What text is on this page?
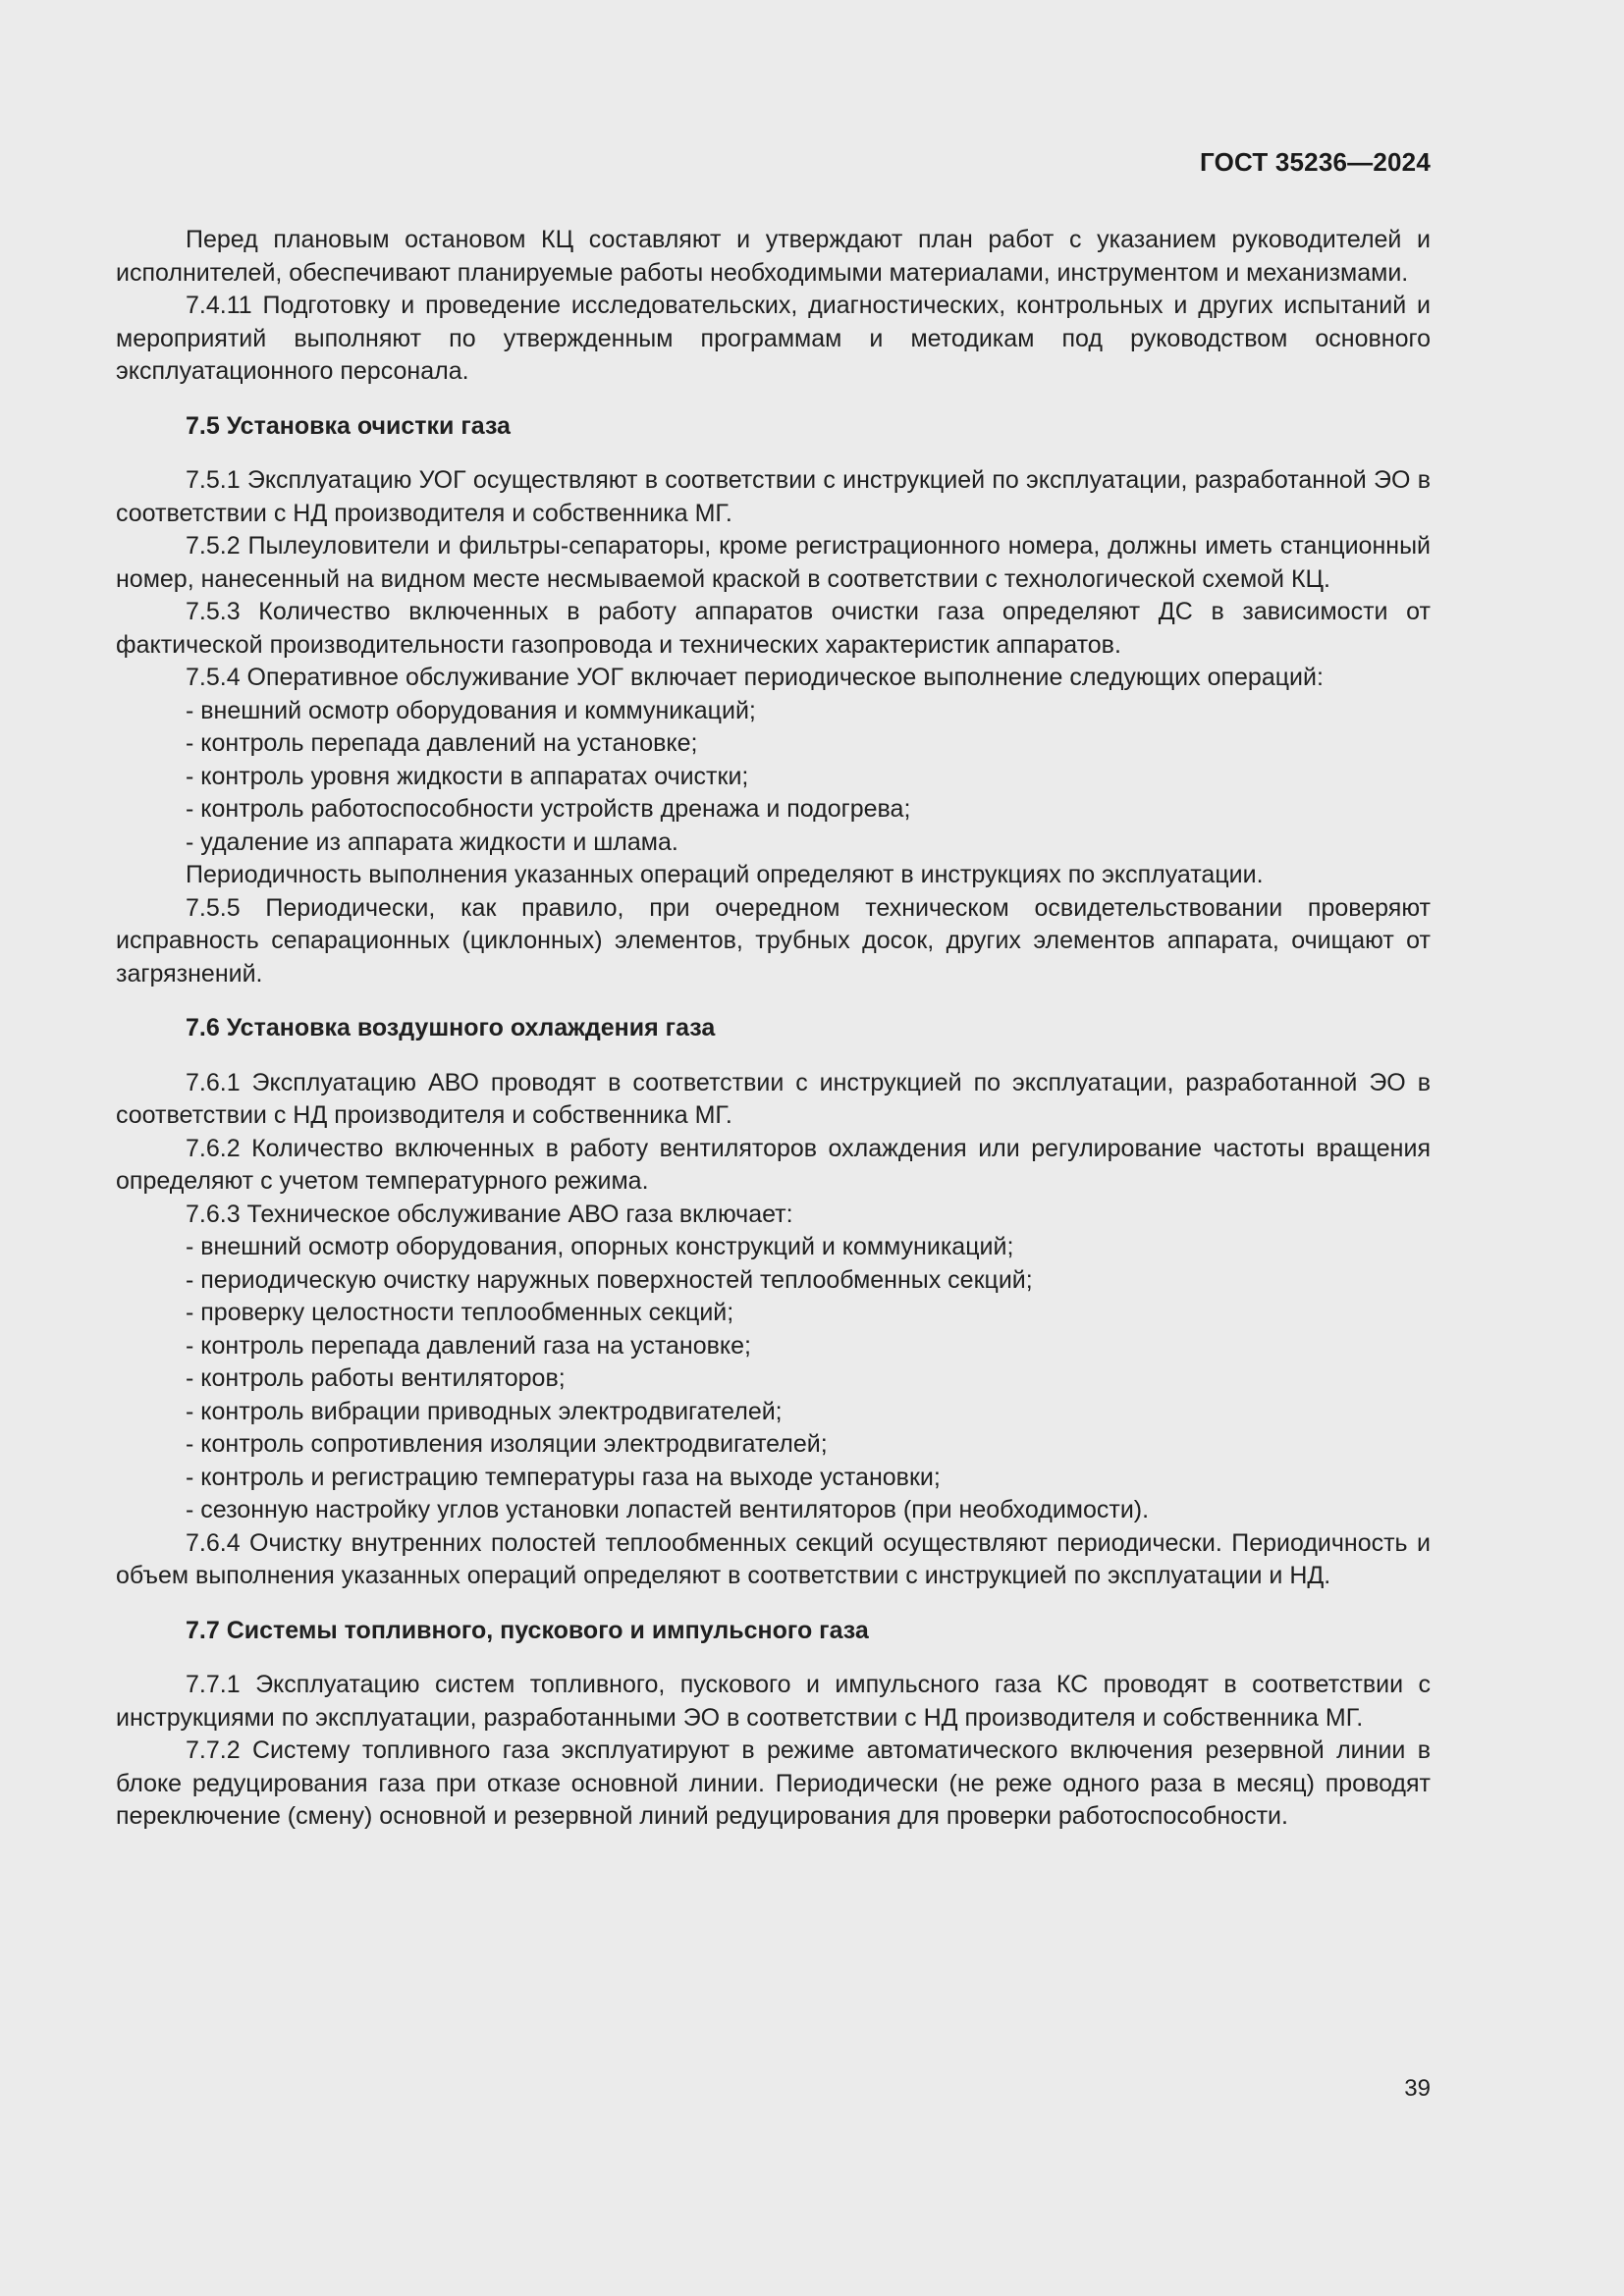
ГОСТ 35236—2024

Перед плановым остановом КЦ составляют и утверждают план работ с указанием руководителей и исполнителей, обеспечивают планируемые работы необходимыми материалами, инструментом и механизмами.

7.4.11 Подготовку и проведение исследовательских, диагностических, контрольных и других испытаний и мероприятий выполняют по утвержденным программам и методикам под руководством основного эксплуатационного персонала.

7.5 Установка очистки газа

7.5.1 Эксплуатацию УОГ осуществляют в соответствии с инструкцией по эксплуатации, разработанной ЭО в соответствии с НД производителя и собственника МГ.

7.5.2 Пылеуловители и фильтры-сепараторы, кроме регистрационного номера, должны иметь станционный номер, нанесенный на видном месте несмываемой краской в соответствии с технологической схемой КЦ.

7.5.3 Количество включенных в работу аппаратов очистки газа определяют ДС в зависимости от фактической производительности газопровода и технических характеристик аппаратов.

7.5.4 Оперативное обслуживание УОГ включает периодическое выполнение следующих операций:

- внешний осмотр оборудования и коммуникаций;
- контроль перепада давлений на установке;
- контроль уровня жидкости в аппаратах очистки;
- контроль работоспособности устройств дренажа и подогрева;
- удаление из аппарата жидкости и шлама.

Периодичность выполнения указанных операций определяют в инструкциях по эксплуатации.

7.5.5 Периодически, как правило, при очередном техническом освидетельствовании проверяют исправность сепарационных (циклонных) элементов, трубных досок, других элементов аппарата, очищают от загрязнений.

7.6 Установка воздушного охлаждения газа

7.6.1 Эксплуатацию АВО проводят в соответствии с инструкцией по эксплуатации, разработанной ЭО в соответствии с НД производителя и собственника МГ.

7.6.2 Количество включенных в работу вентиляторов охлаждения или регулирование частоты вращения определяют с учетом температурного режима.

7.6.3 Техническое обслуживание АВО газа включает:

- внешний осмотр оборудования, опорных конструкций и коммуникаций;
- периодическую очистку наружных поверхностей теплообменных секций;
- проверку целостности теплообменных секций;
- контроль перепада давлений газа на установке;
- контроль работы вентиляторов;
- контроль вибрации приводных электродвигателей;
- контроль сопротивления изоляции электродвигателей;
- контроль и регистрацию температуры газа на выходе установки;
- сезонную настройку углов установки лопастей вентиляторов (при необходимости).

7.6.4 Очистку внутренних полостей теплообменных секций осуществляют периодически. Периодичность и объем выполнения указанных операций определяют в соответствии с инструкцией по эксплуатации и НД.

7.7 Системы топливного, пускового и импульсного газа

7.7.1 Эксплуатацию систем топливного, пускового и импульсного газа КС проводят в соответствии с инструкциями по эксплуатации, разработанными ЭО в соответствии с НД производителя и собственника МГ.

7.7.2 Систему топливного газа эксплуатируют в режиме автоматического включения резервной линии в блоке редуцирования газа при отказе основной линии. Периодически (не реже одного раза в месяц) проводят переключение (смену) основной и резервной линий редуцирования для проверки работоспособности.

39
